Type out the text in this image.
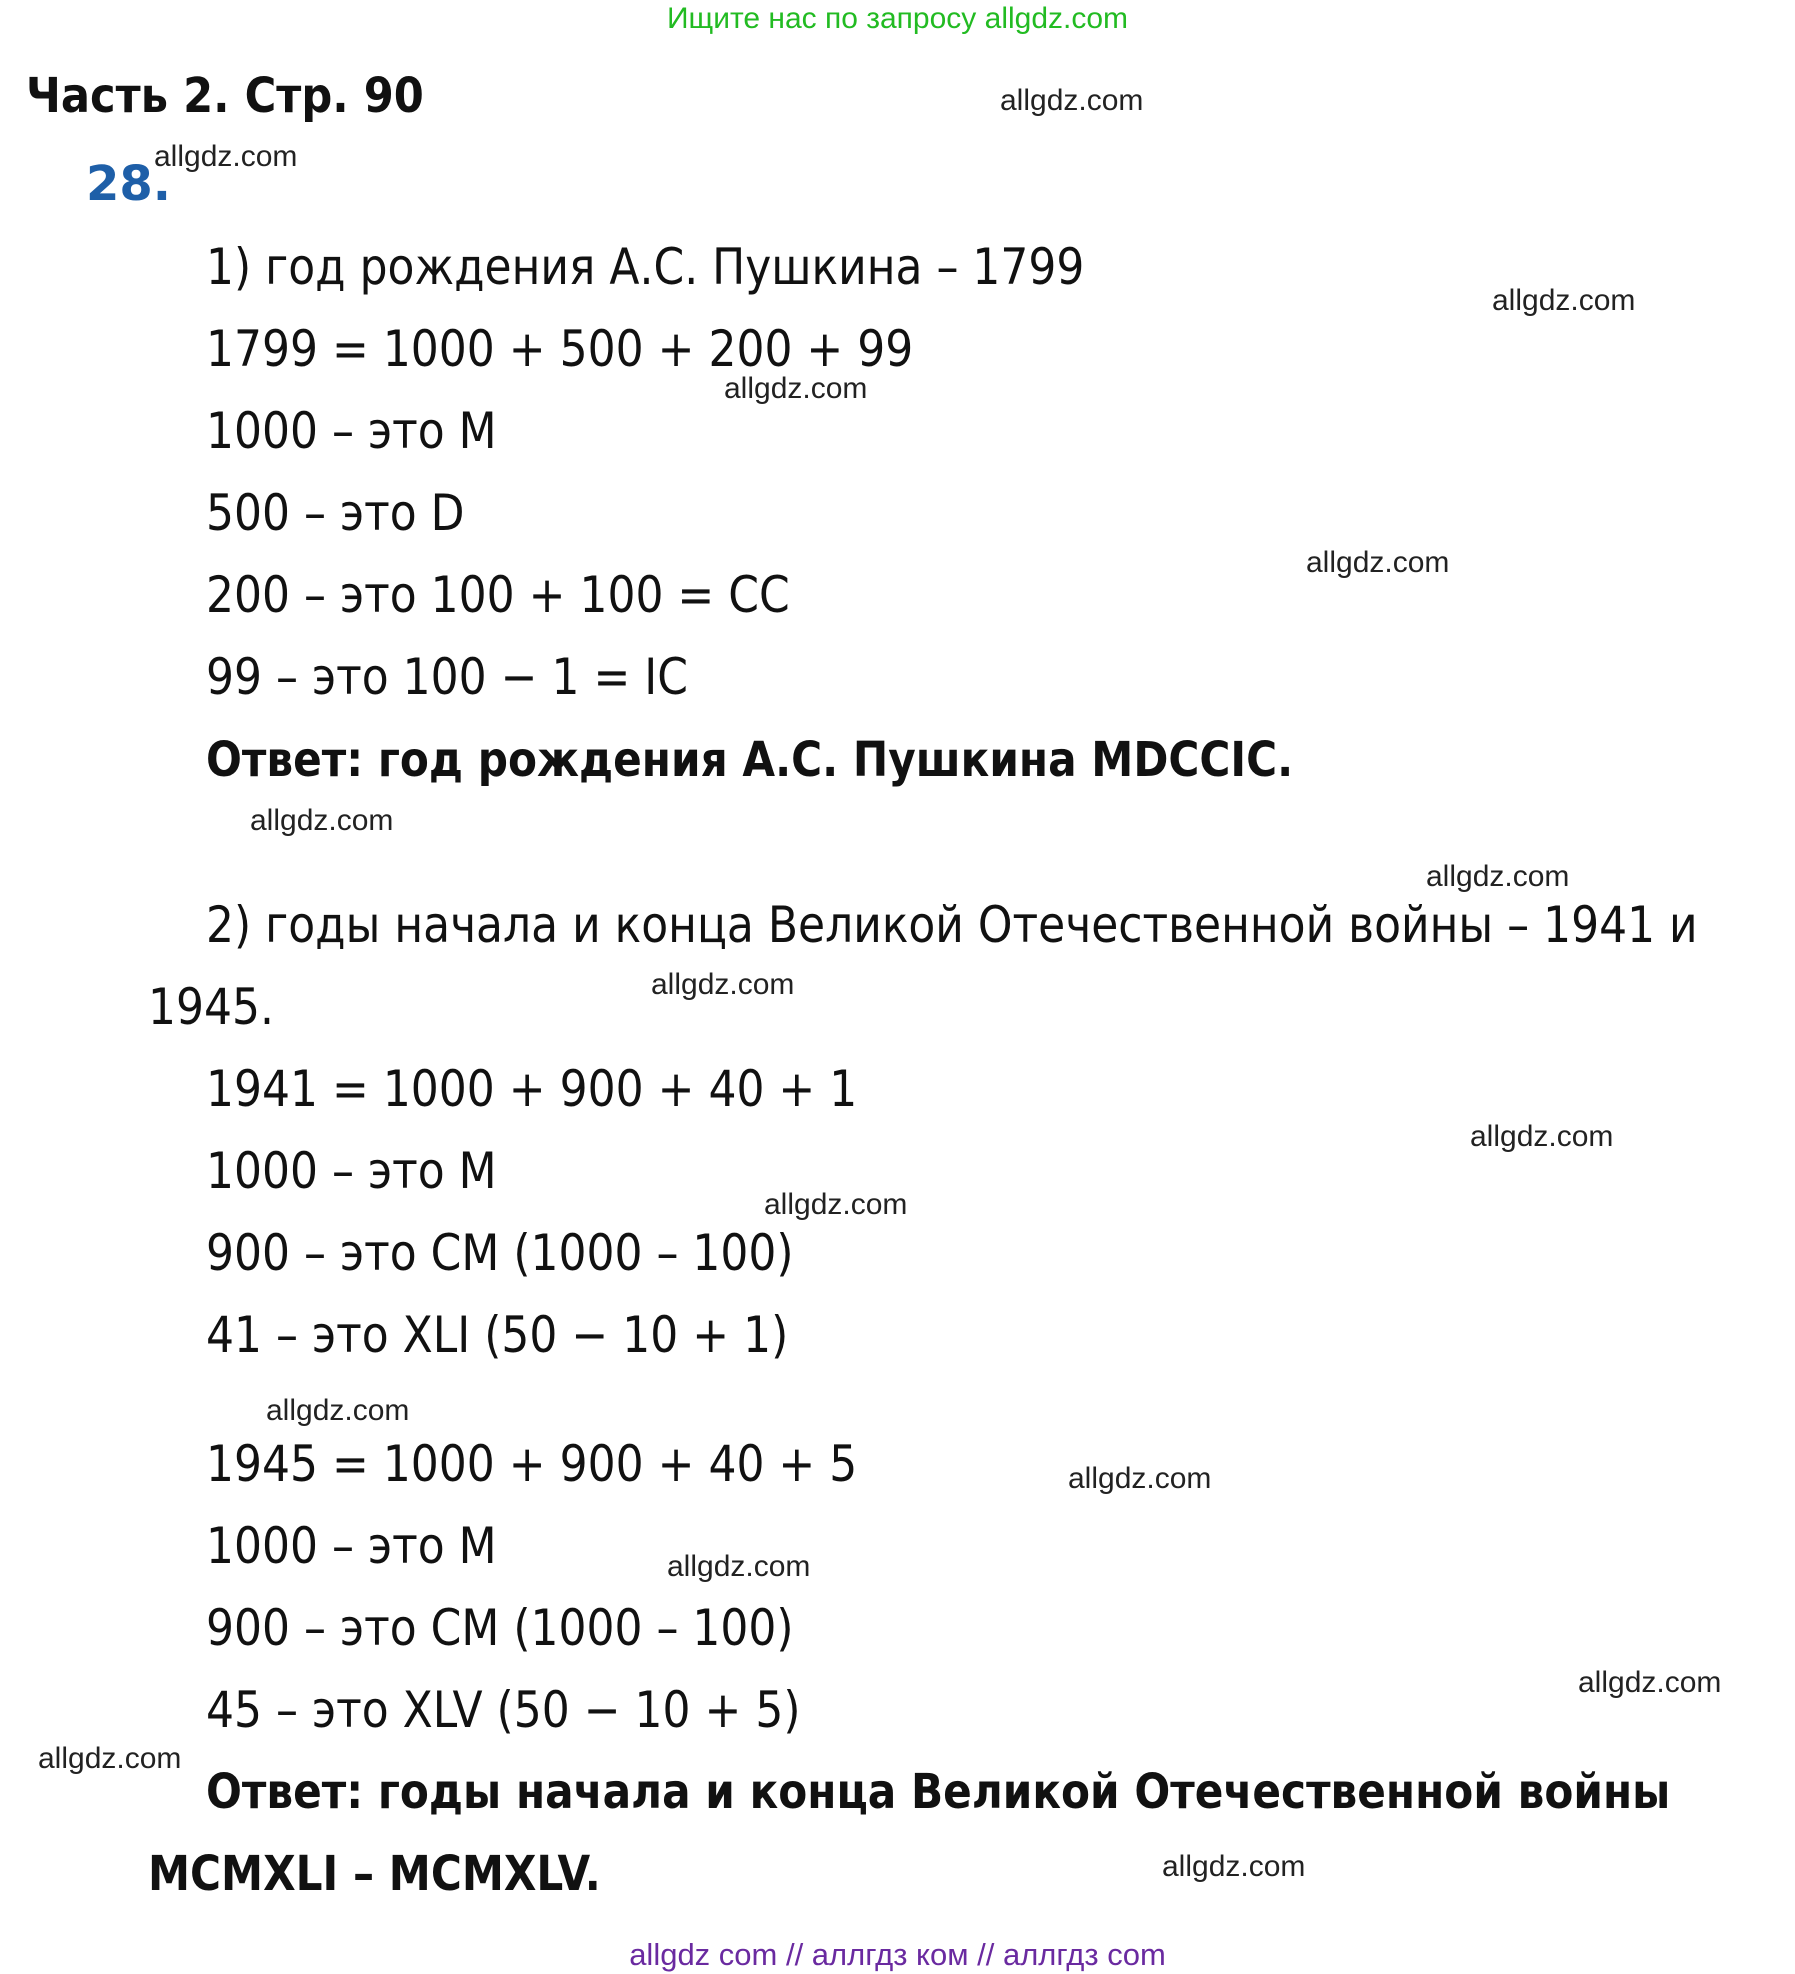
Ищите нас по запросу allgdz.com
Часть 2. Стр. 90
28.
1) год рождения А.С. Пушкина – 1799
1799 = 1000 + 500 + 200 + 99
1000 – это М
500 – это D
200 – это 100 + 100 = СС
99 – это 100 − 1 = IC
Ответ: год рождения А.С. Пушкина MDCCIC.
2) годы начала и конца Великой Отечественной войны – 1941 и
1945.
1941 = 1000 + 900 + 40 + 1
1000 – это М
900 – это СМ (1000 – 100)
41 – это XLI (50 − 10 + 1)
1945 = 1000 + 900 + 40 + 5
1000 – это М
900 – это СМ (1000 – 100)
45 – это XLV (50 − 10 + 5)
Ответ: годы начала и конца Великой Отечественной войны
MCMXLI – MCMXLV.
allgdz.com
allgdz.com
allgdz.com
allgdz.com
allgdz.com
allgdz.com
allgdz.com
allgdz.com
allgdz.com
allgdz.com
allgdz.com
allgdz.com
allgdz.com
allgdz.com
allgdz.com
allgdz.com
allgdz com // аллгдз ком // аллгдз com
